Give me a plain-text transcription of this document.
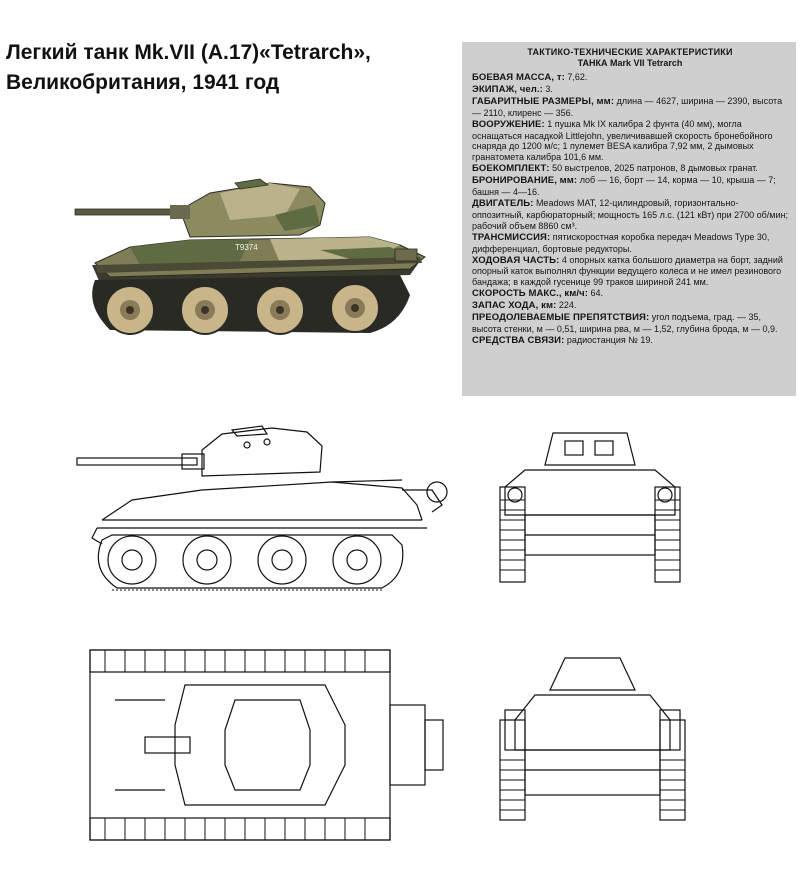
Легкий танк Mk.VII (A.17)«Tetrarch»,
Великобритания, 1941 год
ТАКТИКО-ТЕХНИЧЕСКИЕ ХАРАКТЕРИСТИКИ
ТАНКА Mark VII Tetrarch
БОЕВАЯ МАССА, т: 7,62.
ЭКИПАЖ, чел.: 3.
ГАБАРИТНЫЕ РАЗМЕРЫ, мм: длина — 4627, ширина — 2390, высота — 2110, клиренс — 356.
ВООРУЖЕНИЕ: 1 пушка Mk IX калибра 2 фунта (40 мм), могла оснащаться насадкой Littlejohn, увеличивавшей скорость бронебойного снаряда до 1200 м/с; 1 пулемет BESA калибра 7,92 мм, 2 дымовых гранатомета калибра 101,6 мм.
БОЕКОМПЛЕКТ: 50 выстрелов, 2025 патронов, 8 дымовых гранат.
БРОНИРОВАНИЕ, мм: лоб — 16, борт — 14, корма — 10, крыша — 7; башня — 4—16.
ДВИГАТЕЛЬ: Meadows MAT, 12-цилиндровый, горизонтально-оппозитный, карбюраторный; мощность 165 л.с. (121 кВт) при 2700 об/мин; рабочий объем 8860 см³.
ТРАНСМИССИЯ: пятискоростная коробка передач Meadows Type 30, дифференциал, бортовые редукторы.
ХОДОВАЯ ЧАСТЬ: 4 опорных катка большого диаметра на борт, задний опорный каток выполнял функции ведущего колеса и не имел резинового бандажа; в каждой гусенице 99 траков шириной 241 мм.
СКОРОСТЬ МАКС., км/ч: 64.
ЗАПАС ХОДА, км: 224.
ПРЕОДОЛЕВАЕМЫЕ ПРЕПЯТСТВИЯ: угол подъема, град. — 35, высота стенки, м — 0,51, ширина рва, м — 1,52, глубина брода, м — 0,9.
СРЕДСТВА СВЯЗИ: радиостанция № 19.
T9374
